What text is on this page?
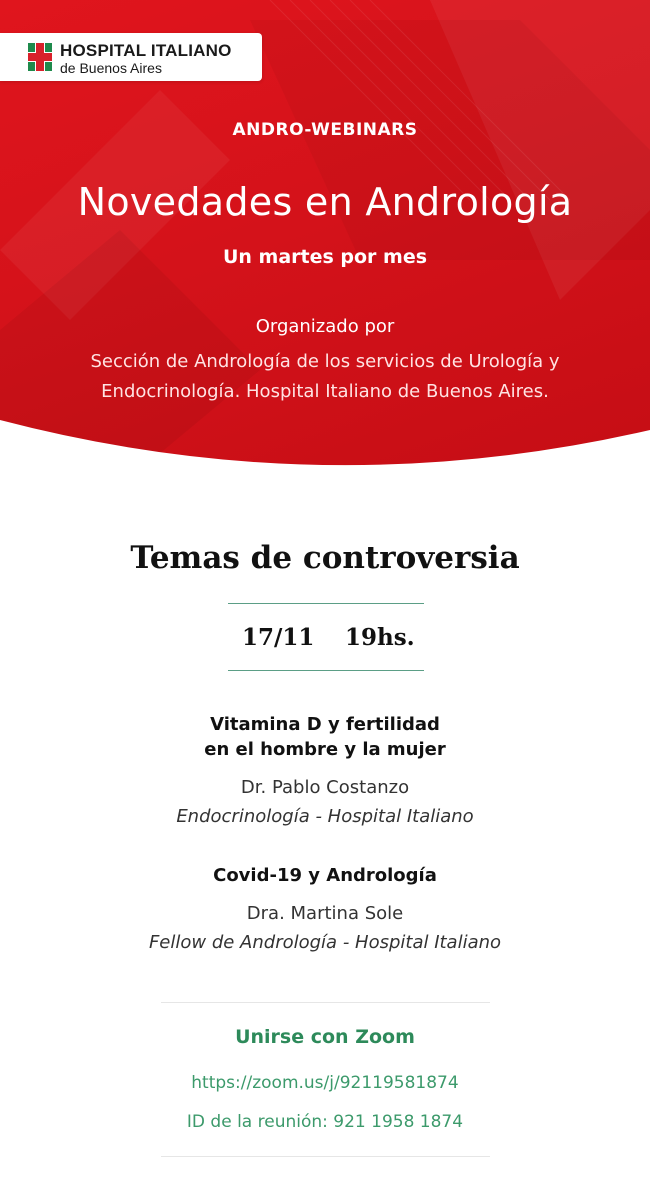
HOSPITAL ITALIANO
de Buenos Aires

ANDRO-WEBINARS

Novedades en Andrología

Un martes por mes

Organizado por

Sección de Andrología de los servicios de Urología y

Endocrinología. Hospital Italiano de Buenos Aires.

Temas de controversia

17/11 19hs.

Vitamina D y fertilidad

en el hombre y la mujer

Dr. Pablo Costanzo

Endocrinología - Hospital Italiano

Covid-19 y Andrología

Dra. Martina Sole

Fellow de Andrología - Hospital Italiano

Unirse con Zoom

https://zoom.us/j/92119581874

ID de la reunión: 921 1958 1874
